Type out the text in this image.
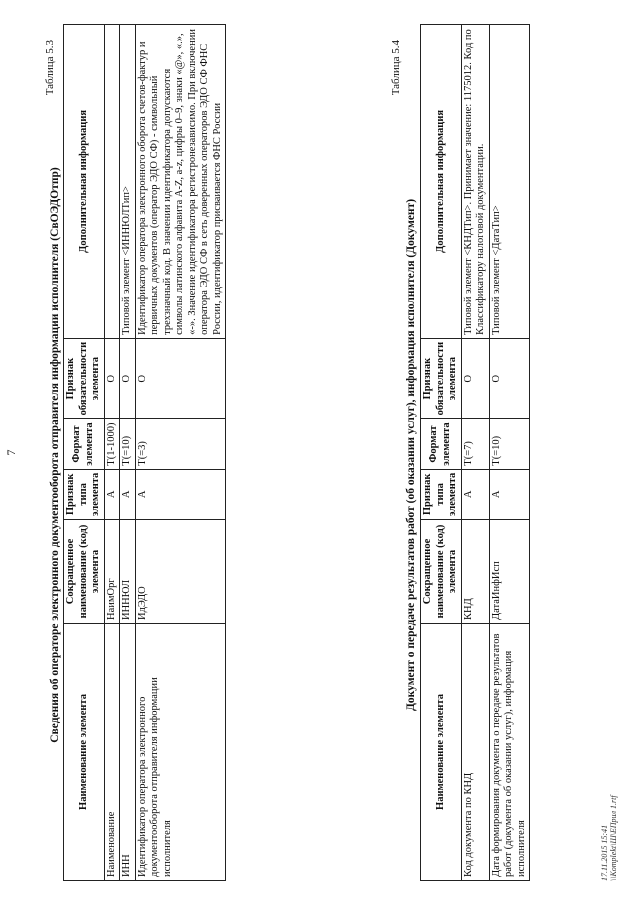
7
Таблица 5.3
Сведения об операторе электронного документооборота отправителя информации исполнителя (СвОЭДОтпр)
Наименование элемента	Сокращенное наименование (код) элемента	Признак типа элемента	Формат элемента	Признак обязательности элемента	Дополнительная информация
Наименование	НаимОрг	А	T(1-1000)	О	
ИНН	ИННЮЛ	А	T(=10)	О	Типовой элемент <ИННЮЛТип>
Идентификатор оператора электронного документооборота отправителя информации исполнителя	ИдЭДО	А	T(=3)	О	Идентификатор оператора электронного оборота счетов-фактур и первичных документов (оператор ЭДО СФ) - символьный трехзначный код. В значении идентификатора допускаются символы латинского алфавита A-Z, a-z, цифры 0–9, знаки «@», «.», «-». Значение идентификатора регистронезависимо. При включении оператора ЭДО СФ в сеть доверенных операторов ЭДО СФ ФНС России, идентификатор присваивается ФНС России
Таблица 5.4
Документ о передаче результатов работ (об оказании услуг), информация исполнителя (Документ)
Наименование элемента	Сокращенное наименование (код) элемента	Признак типа элемента	Формат элемента	Признак обязательности элемента	Дополнительная информация
Код документа по КНД	КНД	А	T(=7)	О	Типовой элемент <КНДТип>. Принимает значение: 1175012. Код по Классификатору налоговой документации.
Дата формирования документа о передаче результатов работ (документа об оказании услуг), информация исполнителя	ДатаИнфИсп	А	T(=10)	О	Типовой элемент <ДатаТип>
17.11.2015 15:41 \\Komplekt\Ш\ЕПрил 1.rtf
